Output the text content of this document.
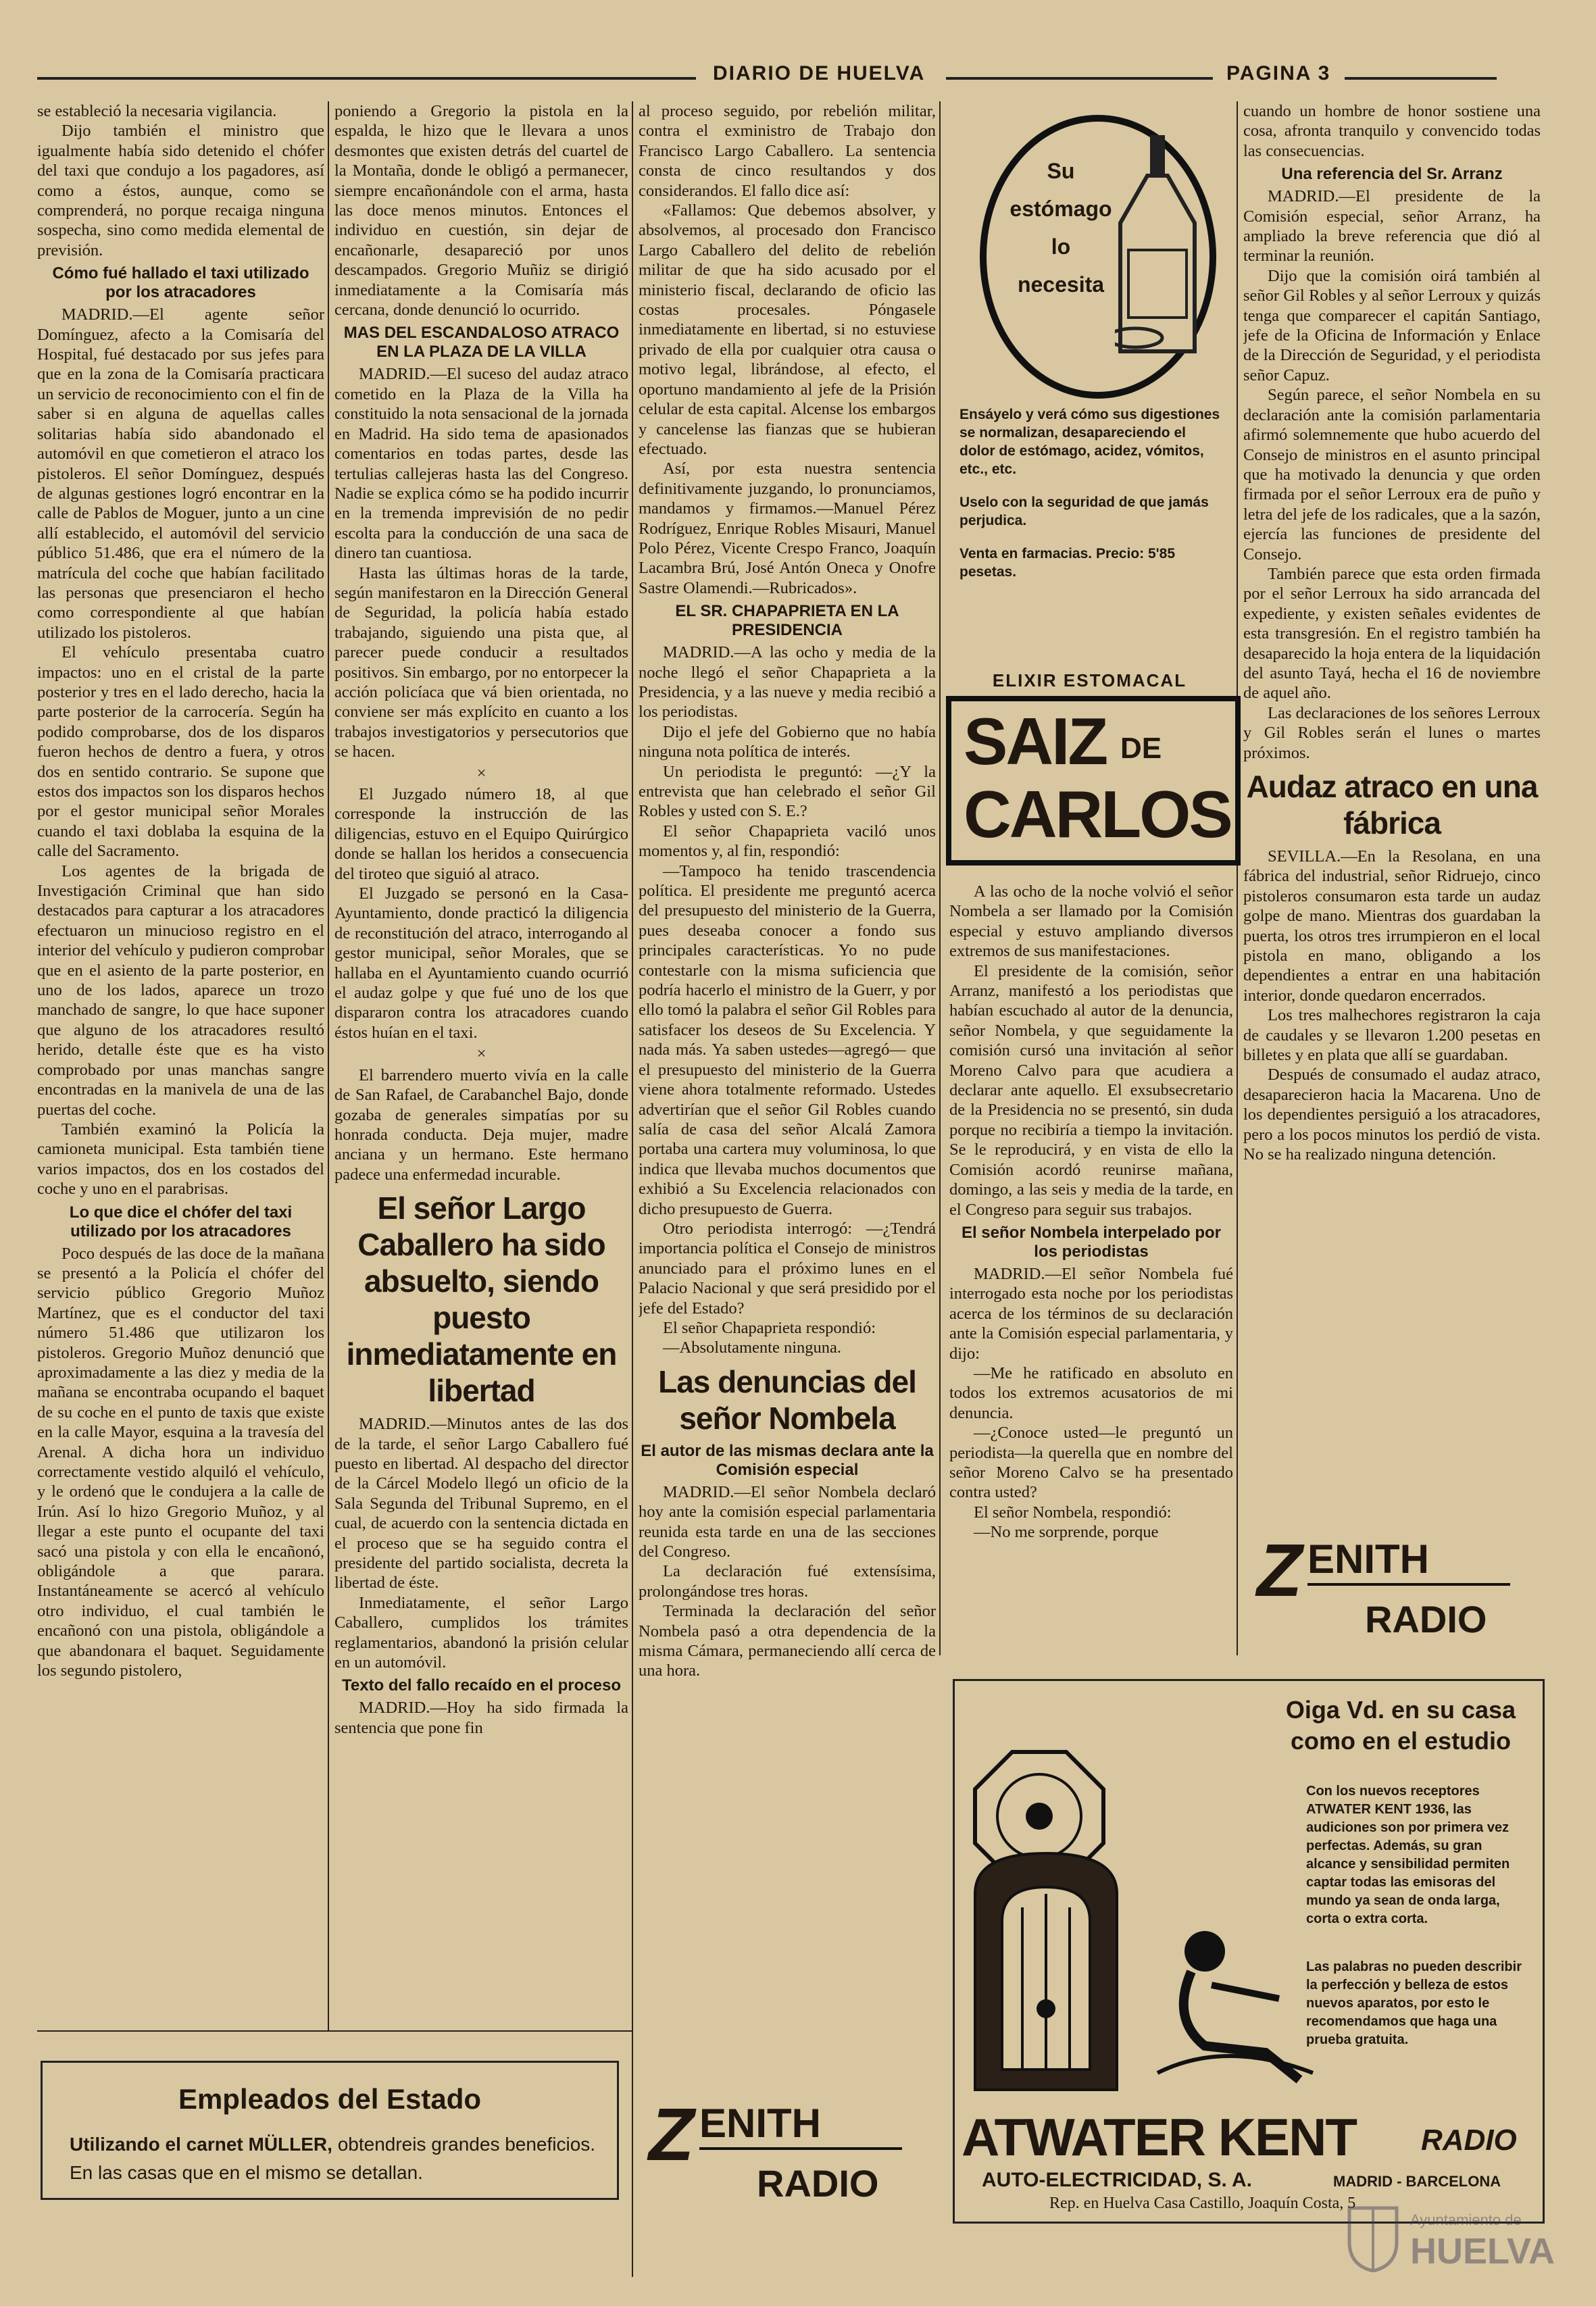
DIARIO DE HUELVA	PAGINA 3

se estableció la necesaria vigilancia.

Dijo también el ministro que igualmente había sido detenido el chófer del taxi que condujo a los pagadores, así como a éstos, aunque, como se comprenderá, no porque recaiga ninguna sospecha, sino como medida elemental de previsión.

Cómo fué hallado el taxi utilizado por los atracadores

MADRID.—El agente señor Domínguez, afecto a la Comisaría del Hospital, fué destacado por sus jefes para que en la zona de la Comisaría practicara un servicio de reconocimiento con el fin de saber si en alguna de aquellas calles solitarias había sido abandonado el automóvil en que cometieron el atraco los pistoleros. El señor Domínguez, después de algunas gestiones logró encontrar en la calle de Pablos de Moguer, junto a un cine allí establecido, el automóvil del servicio público 51.486, que era el número de la matrícula del coche que habían facilitado las personas que presenciaron el hecho como correspondiente al que habían utilizado los pistoleros.

El vehículo presentaba cuatro impactos: uno en el cristal de la parte posterior y tres en el lado derecho, hacia la parte posterior de la carrocería. Según ha podido comprobarse, dos de los disparos fueron hechos de dentro a fuera, y otros dos en sentido contrario. Se supone que estos dos impactos son los disparos hechos por el gestor municipal señor Morales cuando el taxi doblaba la esquina de la calle del Sacramento.

Los agentes de la brigada de Investigación Criminal que han sido destacados para capturar a los atracadores efectuaron un minucioso registro en el interior del vehículo y pudieron comprobar que en el asiento de la parte posterior, en uno de los lados, aparece un trozo manchado de sangre, lo que hace suponer que alguno de los atracadores resultó herido, detalle éste que es ha visto comprobado por unas manchas sangre encontradas en la manivela de una de las puertas del coche.

También examinó la Policía la camioneta municipal. Esta también tiene varios impactos, dos en los costados del coche y uno en el parabrisas.

Lo que dice el chófer del taxi utilizado por los atracadores

Poco después de las doce de la mañana se presentó a la Policía el chófer del servicio público Gregorio Muñoz Martínez, que es el conductor del taxi número 51.486 que utilizaron los pistoleros. Gregorio Muñoz denunció que aproximadamente a las diez y media de la mañana se encontraba ocupando el baquet de su coche en el punto de taxis que existe en la calle Mayor, esquina a la travesía del Arenal. A dicha hora un individuo correctamente vestido alquiló el vehículo, y le ordenó que le condujera a la calle de Irún. Así lo hizo Gregorio Muñoz, y al llegar a este punto el ocupante del taxi sacó una pistola y con ella le encañonó, obligándole a que parara. Instantáneamente se acercó al vehículo otro individuo, el cual también le encañonó con una pistola, obligándole a que abandonara el baquet. Seguidamente los segundo pistolero,

poniendo a Gregorio la pistola en la espalda, le hizo que le llevara a unos desmontes que existen detrás del cuartel de la Montaña, donde le obligó a permanecer, siempre encañonándole con el arma, hasta las doce menos minutos. Entonces el individuo en cuestión, sin dejar de encañonarle, desapareció por unos descampados. Gregorio Muñiz se dirigió inmediatamente a la Comisaría más cercana, donde denunció lo ocurrido.

MAS DEL ESCANDALOSO ATRACO EN LA PLAZA DE LA VILLA

MADRID.—El suceso del audaz atraco cometido en la Plaza de la Villa ha constituido la nota sensacional de la jornada en Madrid. Ha sido tema de apasionados comentarios en todas partes, desde las tertulias callejeras hasta las del Congreso. Nadie se explica cómo se ha podido incurrir en la tremenda imprevisión de no pedir escolta para la conducción de una saca de dinero tan cuantiosa.

Hasta las últimas horas de la tarde, según manifestaron en la Dirección General de Seguridad, la policía había estado trabajando, siguiendo una pista que, al parecer puede conducir a resultados positivos. Sin embargo, por no entorpecer la acción policíaca que vá bien orientada, no conviene ser más explícito en cuanto a los trabajos investigatorios y persecutorios que se hacen.

×

El Juzgado número 18, al que corresponde la instrucción de las diligencias, estuvo en el Equipo Quirúrgico donde se hallan los heridos a consecuencia del tiroteo que siguió al atraco.

El Juzgado se personó en la Casa-Ayuntamiento, donde practicó la diligencia de reconstitución del atraco, interrogando al gestor municipal, señor Morales, que se hallaba en el Ayuntamiento cuando ocurrió el audaz golpe y que fué uno de los que dispararon contra los atracadores cuando éstos huían en el taxi.

×

El barrendero muerto vivía en la calle de San Rafael, de Carabanchel Bajo, donde gozaba de generales simpatías por su honrada conducta. Deja mujer, madre anciana y un hermano. Este hermano padece una enfermedad incurable.

El señor Largo Caballero ha sido absuelto, siendo puesto inmediatamente en libertad

MADRID.—Minutos antes de las dos de la tarde, el señor Largo Caballero fué puesto en libertad. Al despacho del director de la Cárcel Modelo llegó un oficio de la Sala Segunda del Tribunal Supremo, en el cual, de acuerdo con la sentencia dictada en el proceso que se ha seguido contra el presidente del partido socialista, decreta la libertad de éste.

Inmediatamente, el señor Largo Caballero, cumplidos los trámites reglamentarios, abandonó la prisión celular en un automóvil.

Texto del fallo recaído en el proceso

MADRID.—Hoy ha sido firmada la sentencia que pone fin

al proceso seguido, por rebelión militar, contra el exministro de Trabajo don Francisco Largo Caballero. La sentencia consta de cinco resultandos y dos considerandos. El fallo dice así:

«Fallamos: Que debemos absolver, y absolvemos, al procesado don Francisco Largo Caballero del delito de rebelión militar de que ha sido acusado por el ministerio fiscal, declarando de oficio las costas procesales. Póngasele inmediatamente en libertad, si no estuviese privado de ella por cualquier otra causa o motivo legal, librándose, al efecto, el oportuno mandamiento al jefe de la Prisión celular de esta capital. Alcense los embargos y cancelense las fianzas que se hubieran efectuado.

Así, por esta nuestra sentencia definitivamente juzgando, lo pronunciamos, mandamos y firmamos.—Manuel Pérez Rodríguez, Enrique Robles Misauri, Manuel Polo Pérez, Vicente Crespo Franco, Joaquín Lacambra Brú, José Antón Oneca y Onofre Sastre Olamendi.—Rubricados».

EL SR. CHAPAPRIETA EN LA PRESIDENCIA

MADRID.—A las ocho y media de la noche llegó el señor Chapaprieta a la Presidencia, y a las nueve y media recibió a los periodistas.

Dijo el jefe del Gobierno que no había ninguna nota política de interés.

Un periodista le preguntó: —¿Y la entrevista que han celebrado el señor Gil Robles y usted con S. E.?

El señor Chapaprieta vaciló unos momentos y, al fin, respondió:

—Tampoco ha tenido trascendencia política. El presidente me preguntó acerca del presupuesto del ministerio de la Guerra, pues deseaba conocer a fondo sus principales características. Yo no pude contestarle con la misma suficiencia que podría hacerlo el ministro de la Guerr, y por ello tomó la palabra el señor Gil Robles para satisfacer los deseos de Su Excelencia. Y nada más. Ya saben ustedes—agregó— que el presupuesto del ministerio de la Guerra viene ahora totalmente reformado. Ustedes advertirían que el señor Gil Robles cuando salía de casa del señor Alcalá Zamora portaba una cartera muy voluminosa, lo que indica que llevaba muchos documentos que exhibió a Su Excelencia relacionados con dicho presupuesto de Guerra.

Otro periodista interrogó: —¿Tendrá importancia política el Consejo de ministros anunciado para el próximo lunes en el Palacio Nacional y que será presidido por el jefe del Estado?

El señor Chapaprieta respondió:

—Absolutamente ninguna.

Las denuncias del señor Nombela
El autor de las mismas declara ante la Comisión especial

MADRID.—El señor Nombela declaró hoy ante la comisión especial parlamentaria reunida esta tarde en una de las secciones del Congreso.

La declaración fué extensísima, prolongándose tres horas.

Terminada la declaración del señor Nombela pasó a otra dependencia de la misma Cámara, permaneciendo allí cerca de una hora.

A las ocho de la noche volvió el señor Nombela a ser llamado por la Comisión especial y estuvo ampliando diversos extremos de sus manifestaciones.

El presidente de la comisión, señor Arranz, manifestó a los periodistas que habían escuchado al autor de la denuncia, señor Nombela, y que seguidamente la comisión cursó una invitación al señor Moreno Calvo para que acudiera a declarar ante aquello. El exsubsecretario de la Presidencia no se presentó, sin duda porque no recibiría a tiempo la invitación. Se le reproducirá, y en vista de ello la Comisión acordó reunirse mañana, domingo, a las seis y media de la tarde, en el Congreso para seguir sus trabajos.

El señor Nombela interpelado por los periodistas

MADRID.—El señor Nombela fué interrogado esta noche por los periodistas acerca de los términos de su declaración ante la Comisión especial parlamentaria, y dijo:

—Me he ratificado en absoluto en todos los extremos acusatorios de mi denuncia.

—¿Conoce usted—le preguntó un periodista—la querella que en nombre del señor Moreno Calvo se ha presentado contra usted?

El señor Nombela, respondió:

—No me sorprende, porque

cuando un hombre de honor sostiene una cosa, afronta tranquilo y convencido todas las consecuencias.

Una referencia del Sr. Arranz

MADRID.—El presidente de la Comisión especial, señor Arranz, ha ampliado la breve referencia que dió al terminar la reunión.

Dijo que la comisión oirá también al señor Gil Robles y al señor Lerroux y quizás tenga que comparecer el capitán Santiago, jefe de la Oficina de Información y Enlace de la Dirección de Seguridad, y el periodista señor Capuz.

Según parece, el señor Nombela en su declaración ante la comisión parlamentaria afirmó solemnemente que hubo acuerdo del Consejo de ministros en el asunto principal que ha motivado la denuncia y que orden firmada por el señor Lerroux era de puño y letra del jefe de los radicales, que a la sazón, ejercía las funciones de presidente del Consejo.

También parece que esta orden firmada por el señor Lerroux ha sido arrancada del expediente, y existen señales evidentes de esta transgresión. En el registro también ha desaparecido la hoja entera de la liquidación del asunto Tayá, hecha el 16 de noviembre de aquel año.

Las declaraciones de los señores Lerroux y Gil Robles serán el lunes o martes próximos.

Audaz atraco en una fábrica

SEVILLA.—En la Resolana, en una fábrica del industrial, señor Ridruejo, cinco pistoleros consumaron esta tarde un audaz golpe de mano. Mientras dos guardaban la puerta, los otros tres irrumpieron en el local pistola en mano, obligando a los dependientes a entrar en una habitación interior, donde quedaron encerrados.

Los tres malhechores registraron la caja de caudales y se llevaron 1.200 pesetas en billetes y en plata que allí se guardaban.

Después de consumado el audaz atraco, desaparecieron hacia la Macarena. Uno de los dependientes persiguió a los atracadores, pero a los pocos minutos los perdió de vista. No se ha realizado ninguna detención.

Su
estómago
lo
necesita
Ensáyelo y verá cómo sus digestiones se normalizan, desapareciendo el dolor de estómago, acidez, vómitos, etc., etc.
Uselo con la seguridad de que jamás perjudica.
Venta en farmacias. Precio: 5'85 pesetas.
ELIXIR ESTOMACAL
SAIZ DE
CARLOS
Z ENITH
RADIO
Z ENITH
RADIO
Empleados del Estado
Utilizando el carnet MÜLLER, obtendreis grandes beneficios. En las casas que en el mismo se detallan.
Oiga Vd. en su casa como en el estudio
Con los nuevos receptores ATWATER KENT 1936, las audiciones son por primera vez perfectas. Además, su gran alcance y sensibilidad permiten captar todas las emisoras del mundo ya sean de onda larga, corta o extra corta.
Las palabras no pueden describir la perfección y belleza de estos nuevos aparatos, por esto le recomendamos que haga una prueba gratuita.
ATWATER KENT	RADIO
AUTO-ELECTRICIDAD, S. A.	MADRID - BARCELONA
Rep. en Huelva Casa Castillo, Joaquín Costa, 5
Ayuntamiento de
HUELVA
